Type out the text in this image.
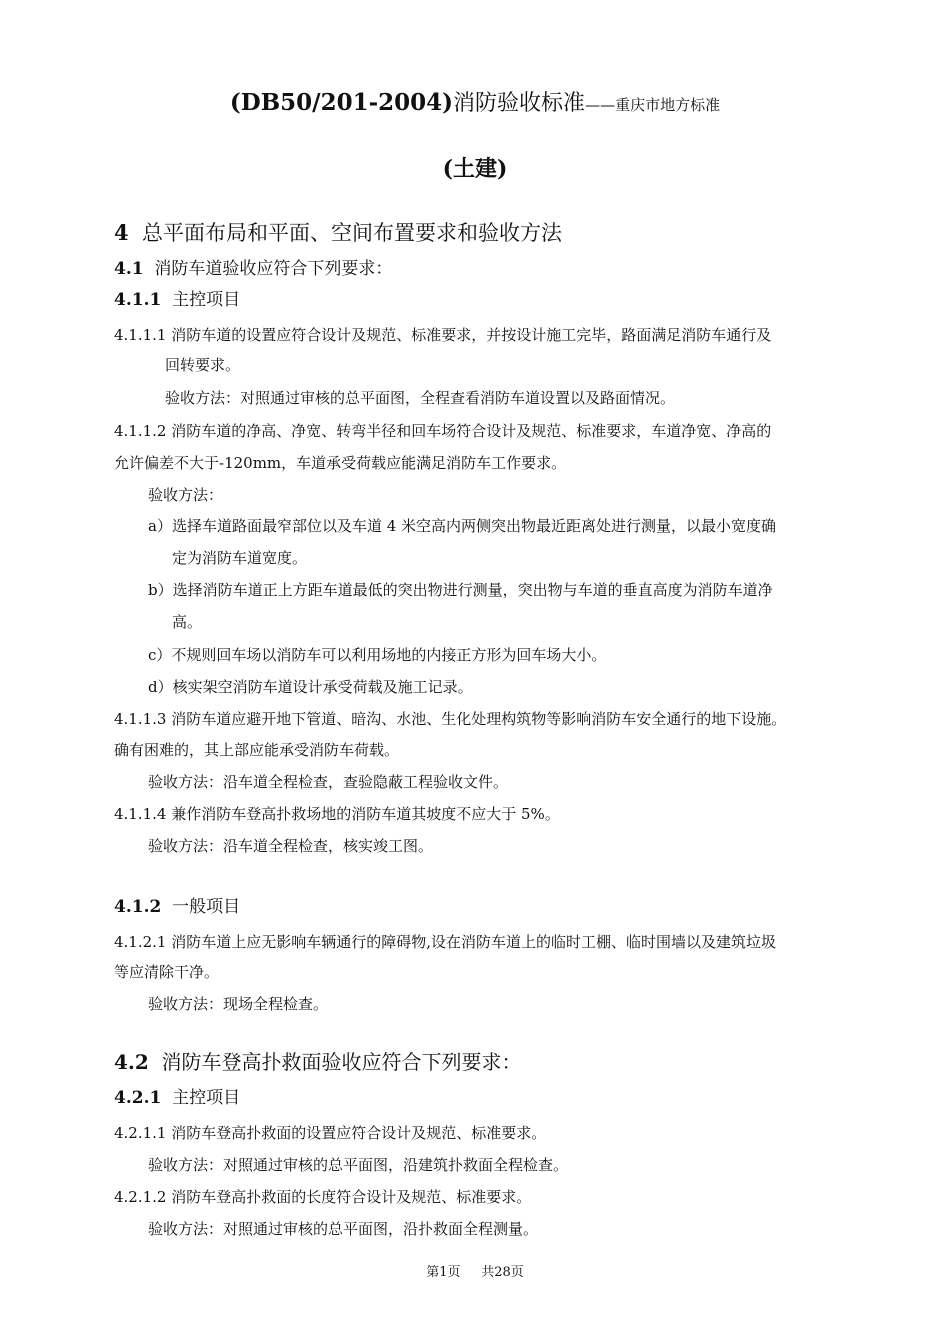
(DB50/201-2004)消防验收标准——重庆市地方标准
(土建)
4 总平面布局和平面、空间布置要求和验收方法
4.1 消防车道验收应符合下列要求：
4.1.1 主控项目
4.1.1.1 消防车道的设置应符合设计及规范、标准要求，并按设计施工完毕，路面满足消防车通行及
回转要求。
验收方法：对照通过审核的总平面图，全程查看消防车道设置以及路面情况。
4.1.1.2 消防车道的净高、净宽、转弯半径和回车场符合设计及规范、标准要求，车道净宽、净高的
允许偏差不大于-120mm，车道承受荷载应能满足消防车工作要求。
验收方法：
a）选择车道路面最窄部位以及车道 4 米空高内两侧突出物最近距离处进行测量，以最小宽度确
定为消防车道宽度。
b）选择消防车道正上方距车道最低的突出物进行测量，突出物与车道的垂直高度为消防车道净
高。
c）不规则回车场以消防车可以利用场地的内接正方形为回车场大小。
d）核实架空消防车道设计承受荷载及施工记录。
4.1.1.3 消防车道应避开地下管道、暗沟、水池、生化处理构筑物等影响消防车安全通行的地下设施。
确有困难的，其上部应能承受消防车荷载。
验收方法：沿车道全程检查，查验隐蔽工程验收文件。
4.1.1.4 兼作消防车登高扑救场地的消防车道其坡度不应大于 5%。
验收方法：沿车道全程检查，核实竣工图。
4.1.2 一般项目
4.1.2.1 消防车道上应无影响车辆通行的障碍物,设在消防车道上的临时工棚、临时围墙以及建筑垃圾
等应清除干净。
验收方法：现场全程检查。
4.2 消防车登高扑救面验收应符合下列要求：
4.2.1 主控项目
4.2.1.1 消防车登高扑救面的设置应符合设计及规范、标准要求。
验收方法：对照通过审核的总平面图，沿建筑扑救面全程检查。
4.2.1.2 消防车登高扑救面的长度符合设计及规范、标准要求。
验收方法：对照通过审核的总平面图，沿扑救面全程测量。
第1页 共28页
